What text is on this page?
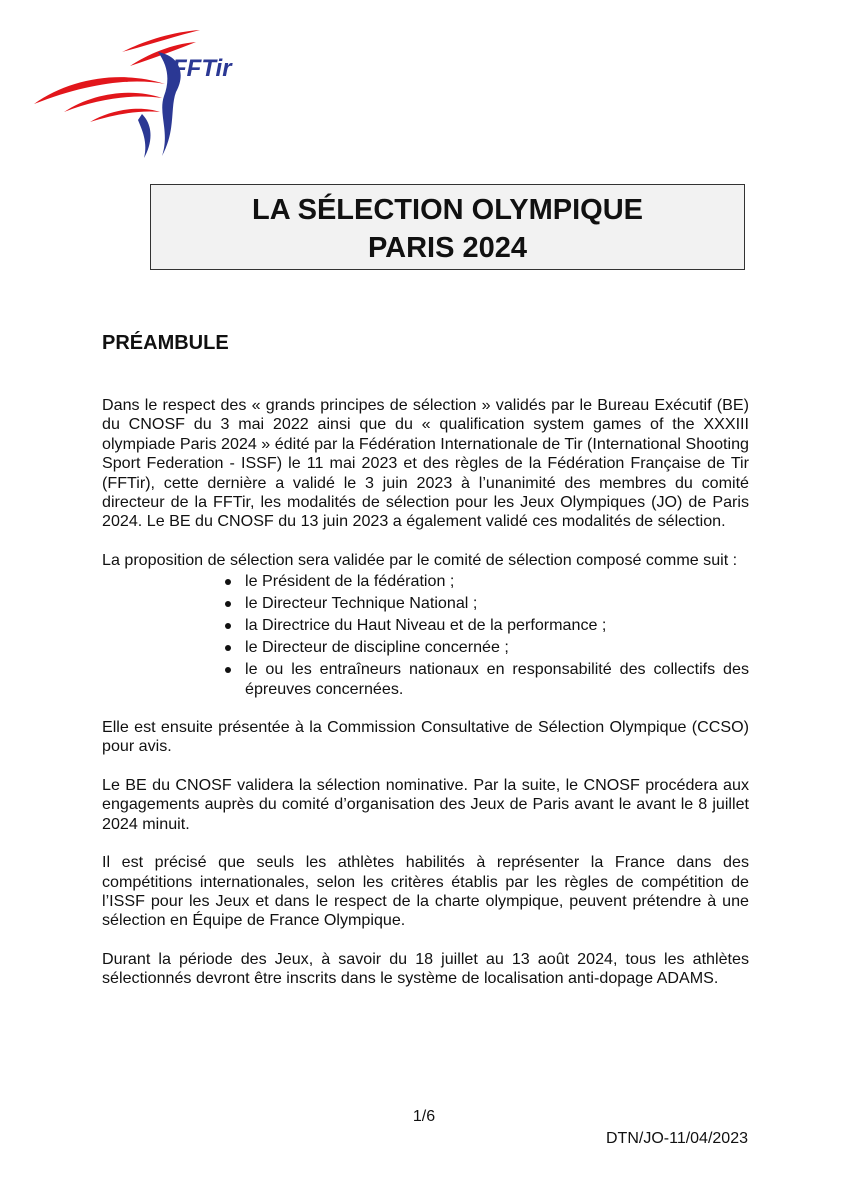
FFTir
LA SÉLECTION OLYMPIQUE
PARIS 2024
PRÉAMBULE

Dans le respect des « grands principes de sélection » validés par le Bureau Exécutif (BE) du CNOSF du 3 mai 2022 ainsi que du « qualification system games of the XXXIII olympiade Paris 2024 » édité par la Fédération Internationale de Tir (International Shooting Sport Federation - ISSF) le 11 mai 2023 et des règles de la Fédération Française de Tir (FFTir), cette dernière a validé le 3 juin 2023 à l’unanimité des membres du comité directeur de la FFTir, les modalités de sélection pour les Jeux Olympiques (JO) de Paris 2024. Le BE du CNOSF du 13 juin 2023 a également validé ces modalités de sélection.

La proposition de sélection sera validée par le comité de sélection composé comme suit :

le Président de la fédération ;
le Directeur Technique National ;
la Directrice du Haut Niveau et de la performance ;
le Directeur de discipline concernée ;
le ou les entraîneurs nationaux en responsabilité des collectifs des épreuves concernées.

Elle est ensuite présentée à la Commission Consultative de Sélection Olympique (CCSO) pour avis.

Le BE du CNOSF validera la sélection nominative. Par la suite, le CNOSF procédera aux engagements auprès du comité d’organisation des Jeux de Paris avant le avant le 8 juillet 2024 minuit.

Il est précisé que seuls les athlètes habilités à représenter la France dans des compétitions internationales, selon les critères établis par les règles de compétition de l’ISSF pour les Jeux et dans le respect de la charte olympique, peuvent prétendre à une sélection en Équipe de France Olympique.

Durant la période des Jeux, à savoir du 18 juillet au 13 août 2024, tous les athlètes sélectionnés devront être inscrits dans le système de localisation anti-dopage ADAMS.

1/6
DTN/JO-11/04/2023
